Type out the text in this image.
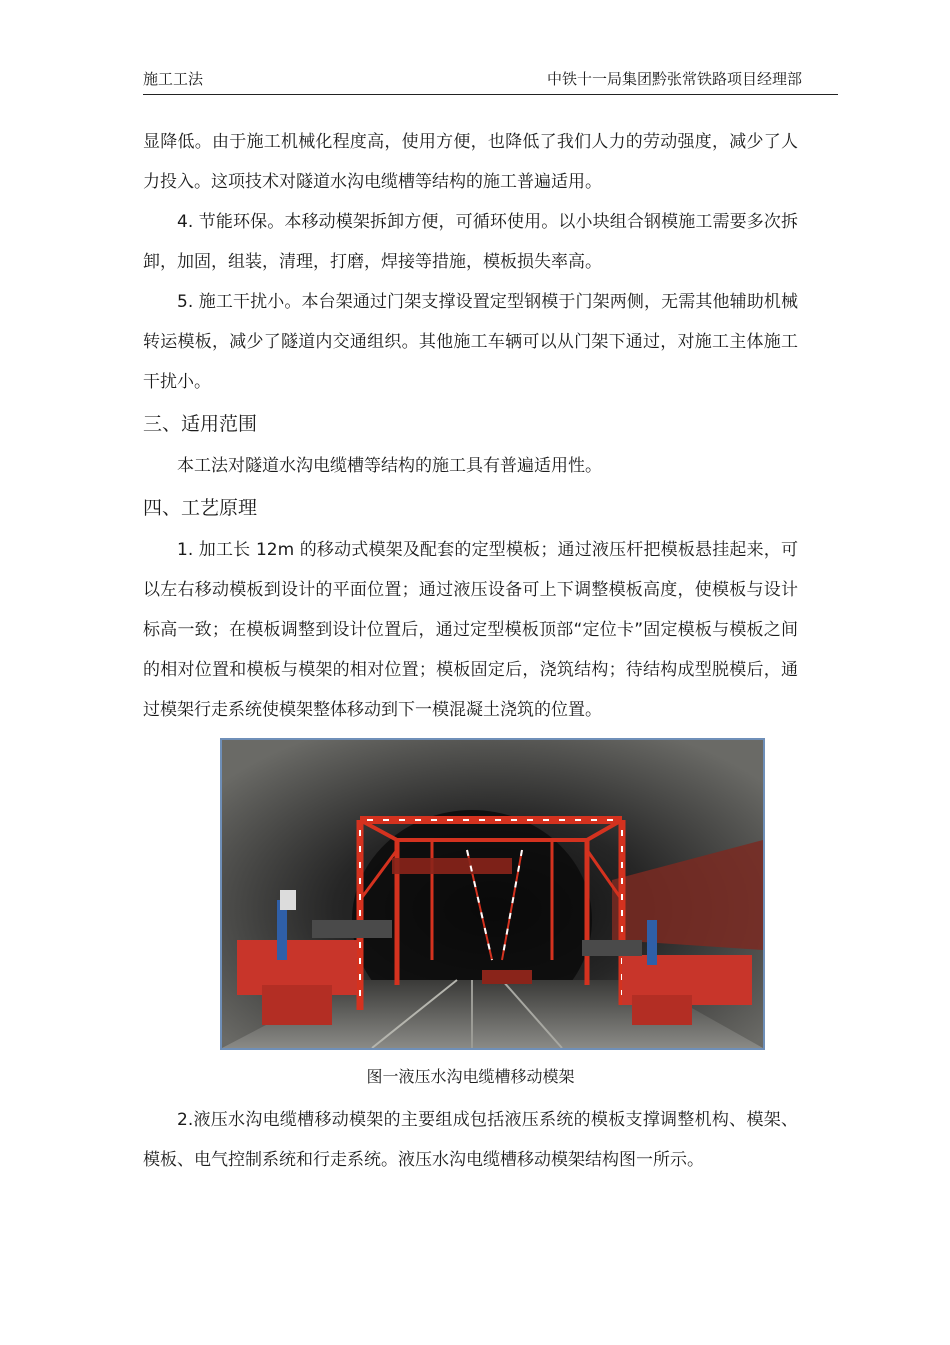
施工工法	中铁十一局集团黔张常铁路项目经理部

显降低。由于施工机械化程度高，使用方便，也降低了我们人力的劳动强度，减少了人力投入。这项技术对隧道水沟电缆槽等结构的施工普遍适用。

4. 节能环保。本移动模架拆卸方便，可循环使用。以小块组合钢模施工需要多次拆卸，加固，组装，清理，打磨，焊接等措施，模板损失率高。

5. 施工干扰小。本台架通过门架支撑设置定型钢模于门架两侧，无需其他辅助机械转运模板，减少了隧道内交通组织。其他施工车辆可以从门架下通过，对施工主体施工干扰小。

三、适用范围

本工法对隧道水沟电缆槽等结构的施工具有普遍适用性。

四、工艺原理

1. 加工长 12m 的移动式模架及配套的定型模板；通过液压杆把模板悬挂起来，可以左右移动模板到设计的平面位置；通过液压设备可上下调整模板高度，使模板与设计标高一致；在模板调整到设计位置后，通过定型模板顶部“定位卡”固定模板与模板之间的相对位置和模板与模架的相对位置；模板固定后，浇筑结构；待结构成型脱模后，通过模架行走系统使模架整体移动到下一模混凝土浇筑的位置。

图一液压水沟电缆槽移动模架

2.液压水沟电缆槽移动模架的主要组成包括液压系统的模板支撑调整机构、模架、模板、电气控制系统和行走系统。液压水沟电缆槽移动模架结构图一所示。
